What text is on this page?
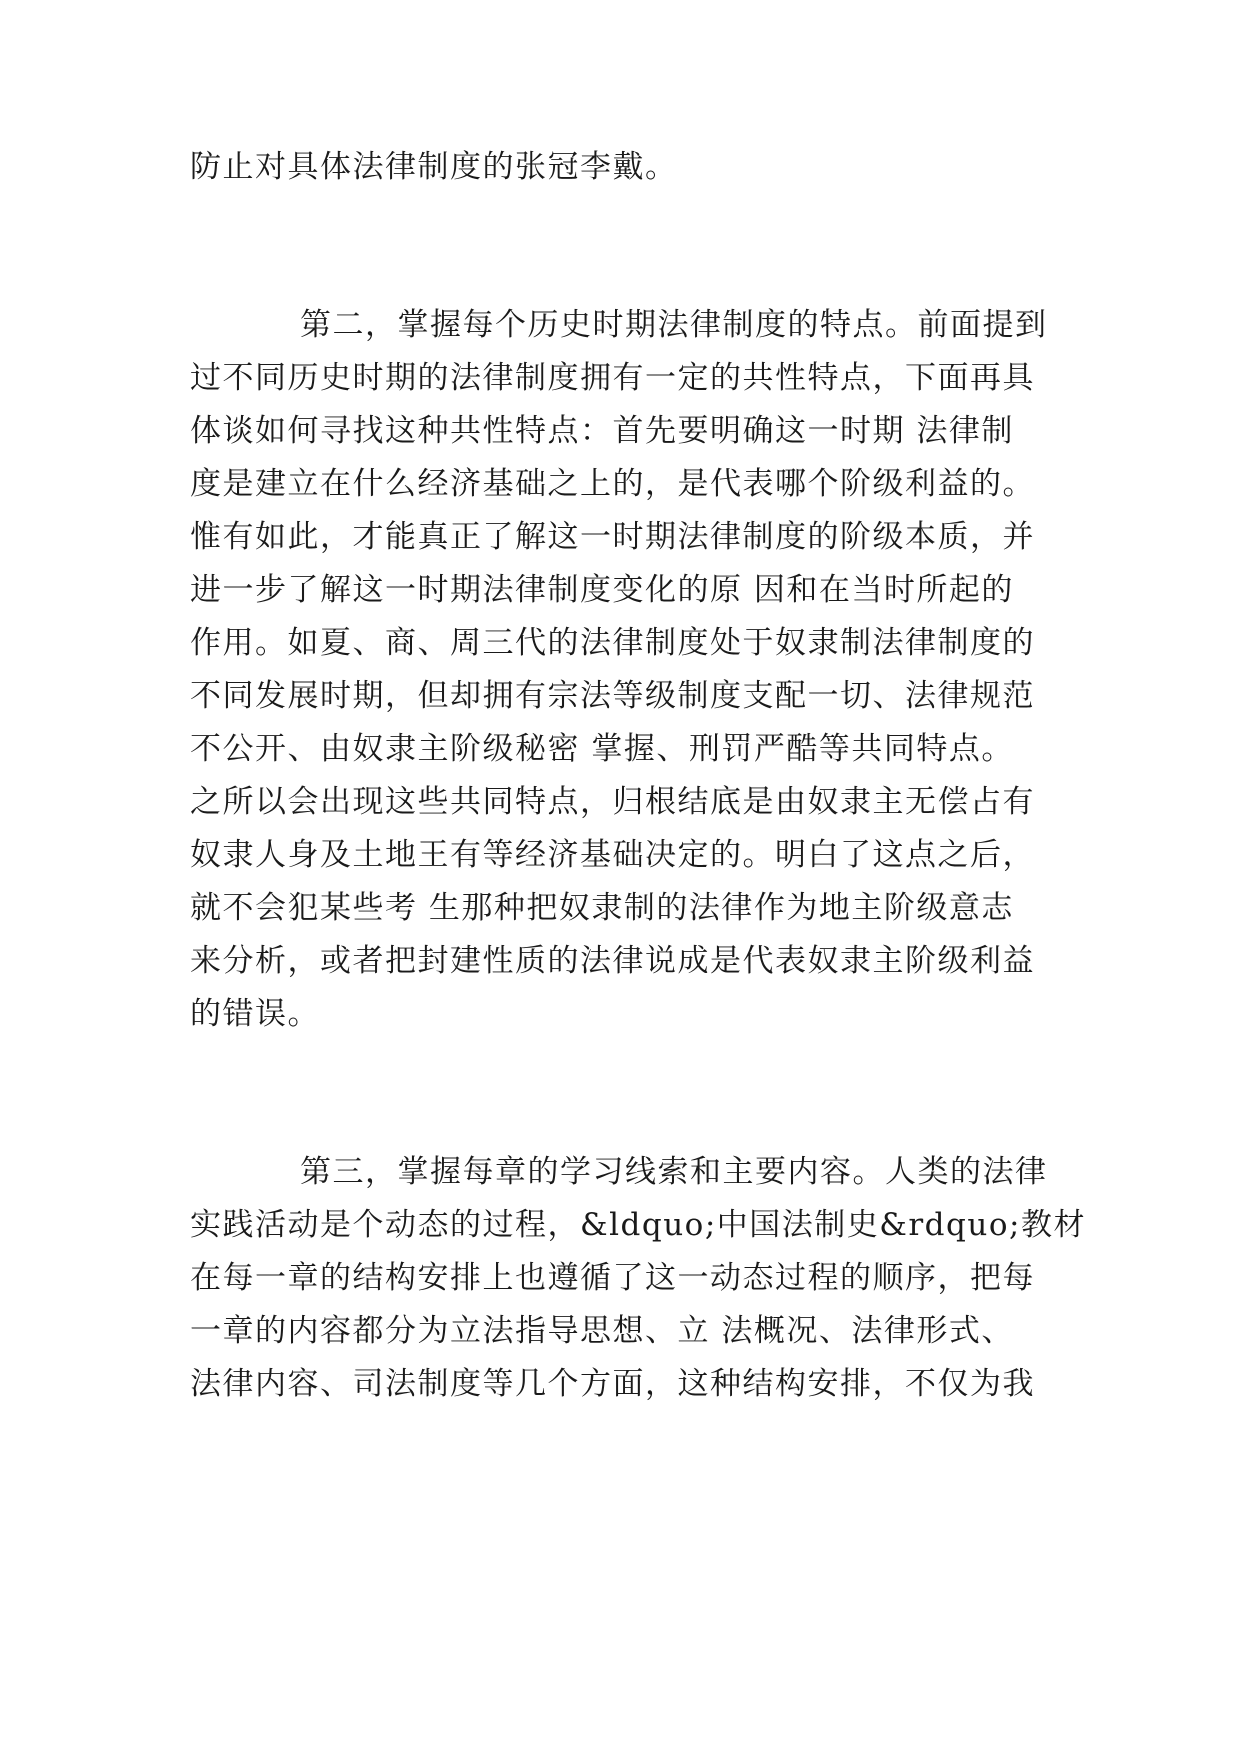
防止对具体法律制度的张冠李戴。
第二，掌握每个历史时期法律制度的特点。前面提到
过不同历史时期的法律制度拥有一定的共性特点，下面再具
体谈如何寻找这种共性特点：首先要明确这一时期 法律制
度是建立在什么经济基础之上的，是代表哪个阶级利益的。
惟有如此，才能真正了解这一时期法律制度的阶级本质，并
进一步了解这一时期法律制度变化的原 因和在当时所起的
作用。如夏、商、周三代的法律制度处于奴隶制法律制度的
不同发展时期，但却拥有宗法等级制度支配一切、法律规范
不公开、由奴隶主阶级秘密 掌握、刑罚严酷等共同特点。
之所以会出现这些共同特点，归根结底是由奴隶主无偿占有
奴隶人身及土地王有等经济基础决定的。明白了这点之后，
就不会犯某些考 生那种把奴隶制的法律作为地主阶级意志
来分析，或者把封建性质的法律说成是代表奴隶主阶级利益
的错误。
第三，掌握每章的学习线索和主要内容。人类的法律
实践活动是个动态的过程，&ldquo;中国法制史&rdquo;教材
在每一章的结构安排上也遵循了这一动态过程的顺序，把每
一章的内容都分为立法指导思想、立 法概况、法律形式、
法律内容、司法制度等几个方面，这种结构安排，不仅为我
